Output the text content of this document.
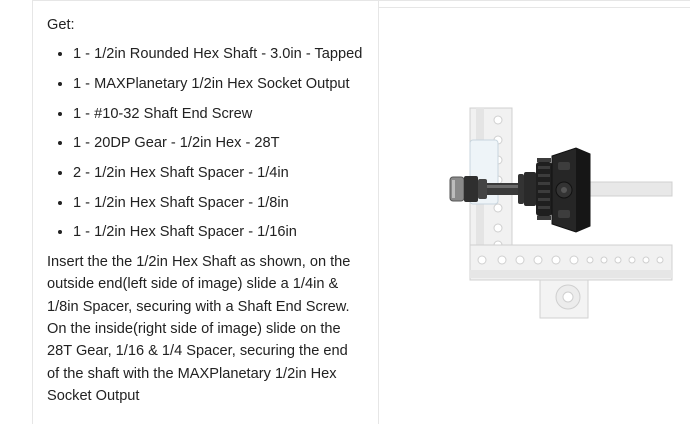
Get:

• 1 - 1/2in Rounded Hex Shaft - 3.0in - Tapped
• 1 - MAXPlanetary 1/2in Hex Socket Output
• 1 - #10-32 Shaft End Screw
• 1 - 20DP Gear - 1/2in Hex - 28T
• 2 - 1/2in Hex Shaft Spacer - 1/4in
• 1 - 1/2in Hex Shaft Spacer - 1/8in
• 1 - 1/2in Hex Shaft Spacer - 1/16in

Insert the the 1/2in Hex Shaft as shown, on the
outside end(left side of image) slide a 1/4in &
1/8in Spacer, securing with a Shaft End Screw.
On the inside(right side of image) slide on the
28T Gear, 1/16 & 1/4 Spacer, securing the end
of the shaft with the MAXPlanetary 1/2in Hex
Socket Output
